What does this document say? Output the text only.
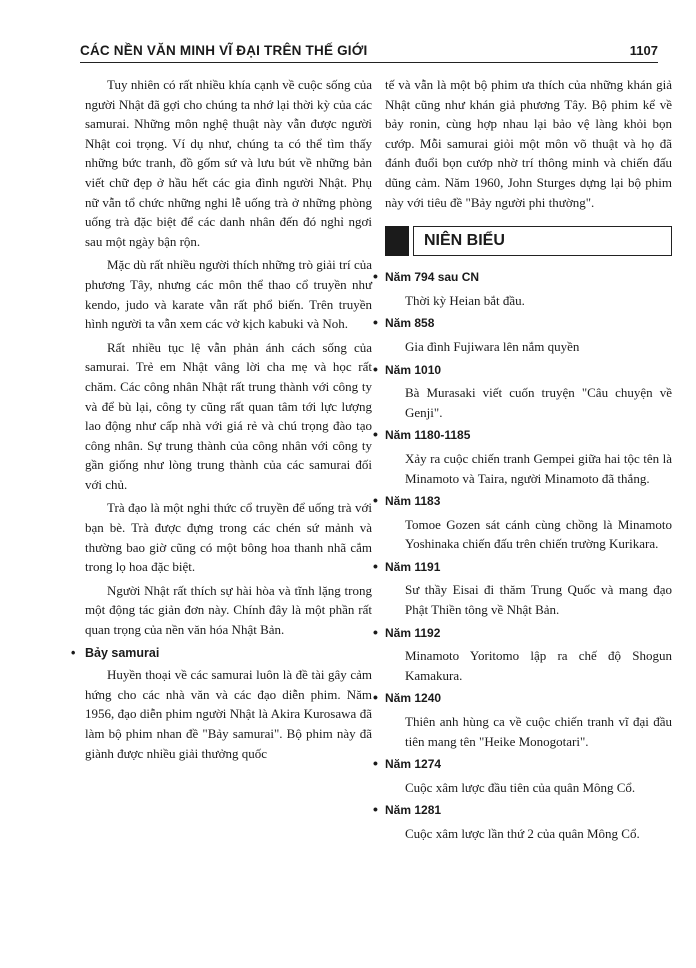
CÁC NỀN VĂN MINH VĨ ĐẠI TRÊN THẾ GIỚI	1107

Tuy nhiên có rất nhiều khía cạnh về cuộc sống của người Nhật đã gợi cho chúng ta nhớ lại thời kỳ của các samurai. Những môn nghệ thuật này vẫn được người Nhật coi trọng. Ví dụ như, chúng ta có thể tìm thấy những bức tranh, đồ gốm sứ và lưu bút về những bản viết chữ đẹp ở hầu hết các gia đình người Nhật. Phụ nữ vẫn tổ chức những nghi lễ uống trà ở những phòng uống trà đặc biệt để các danh nhân đến đó nghỉ ngơi sau một ngày bận rộn.

Mặc dù rất nhiều người thích những trò giải trí của phương Tây, nhưng các môn thể thao cổ truyền như kendo, judo và karate vẫn rất phổ biến. Trên truyền hình người ta vẫn xem các vở kịch kabuki và Noh.

Rất nhiều tục lệ vẫn phản ánh cách sống của samurai. Trẻ em Nhật vâng lời cha mẹ và học rất chăm. Các công nhân Nhật rất trung thành với công ty và để bù lại, công ty cũng rất quan tâm tới lực lượng lao động như cấp nhà với giá rẻ và chú trọng đào tạo công nhân. Sự trung thành của công nhân với công ty gần giống như lòng trung thành của các samurai đối với chủ.

Trà đạo là một nghi thức cổ truyền để uống trà với bạn bè. Trà được đựng trong các chén sứ mảnh và thường bao giờ cũng có một bông hoa thanh nhã cắm trong lọ hoa đặc biệt.

Người Nhật rất thích sự hài hòa và tĩnh lặng trong một động tác giản đơn này. Chính đây là một phần rất quan trọng của nền văn hóa Nhật Bản.

• Bảy samurai

Huyền thoại về các samurai luôn là đề tài gây cảm hứng cho các nhà văn và các đạo diễn phim. Năm 1956, đạo diễn phim người Nhật là Akira Kurosawa đã làm bộ phim nhan đề "Bảy samurai". Bộ phim này đã giành được nhiều giải thưởng quốc

tế và vẫn là một bộ phim ưa thích của những khán giả Nhật cũng như khán giả phương Tây. Bộ phim kể về bảy ronin, cùng hợp nhau lại bảo vệ làng khỏi bọn cướp. Mỗi samurai giỏi một môn võ thuật và họ đã đánh đuổi bọn cướp nhờ trí thông minh và chiến đấu dũng cảm. Năm 1960, John Sturges dựng lại bộ phim này với tiêu đề "Bảy người phi thường".

NIÊN BIỂU
• Năm 794 sau CN
Thời kỳ Heian bắt đầu.
• Năm 858
Gia đình Fujiwara lên nắm quyền
• Năm 1010
Bà Murasaki viết cuốn truyện "Câu chuyện về Genji".
• Năm 1180-1185
Xảy ra cuộc chiến tranh Gempei giữa hai tộc tên là Minamoto và Taira, người Minamoto đã thắng.
• Năm 1183
Tomoe Gozen sát cánh cùng chồng là Minamoto Yoshinaka chiến đấu trên chiến trường Kurikara.
• Năm 1191
Sư thầy Eisai đi thăm Trung Quốc và mang đạo Phật Thiền tông về Nhật Bản.
• Năm 1192
Minamoto Yoritomo lập ra chế độ Shogun Kamakura.
• Năm 1240
Thiên anh hùng ca về cuộc chiến tranh vĩ đại đầu tiên mang tên "Heike Monogotari".
• Năm 1274
Cuộc xâm lược đầu tiên của quân Mông Cổ.
• Năm 1281
Cuộc xâm lược lần thứ 2 của quân Mông Cổ.
